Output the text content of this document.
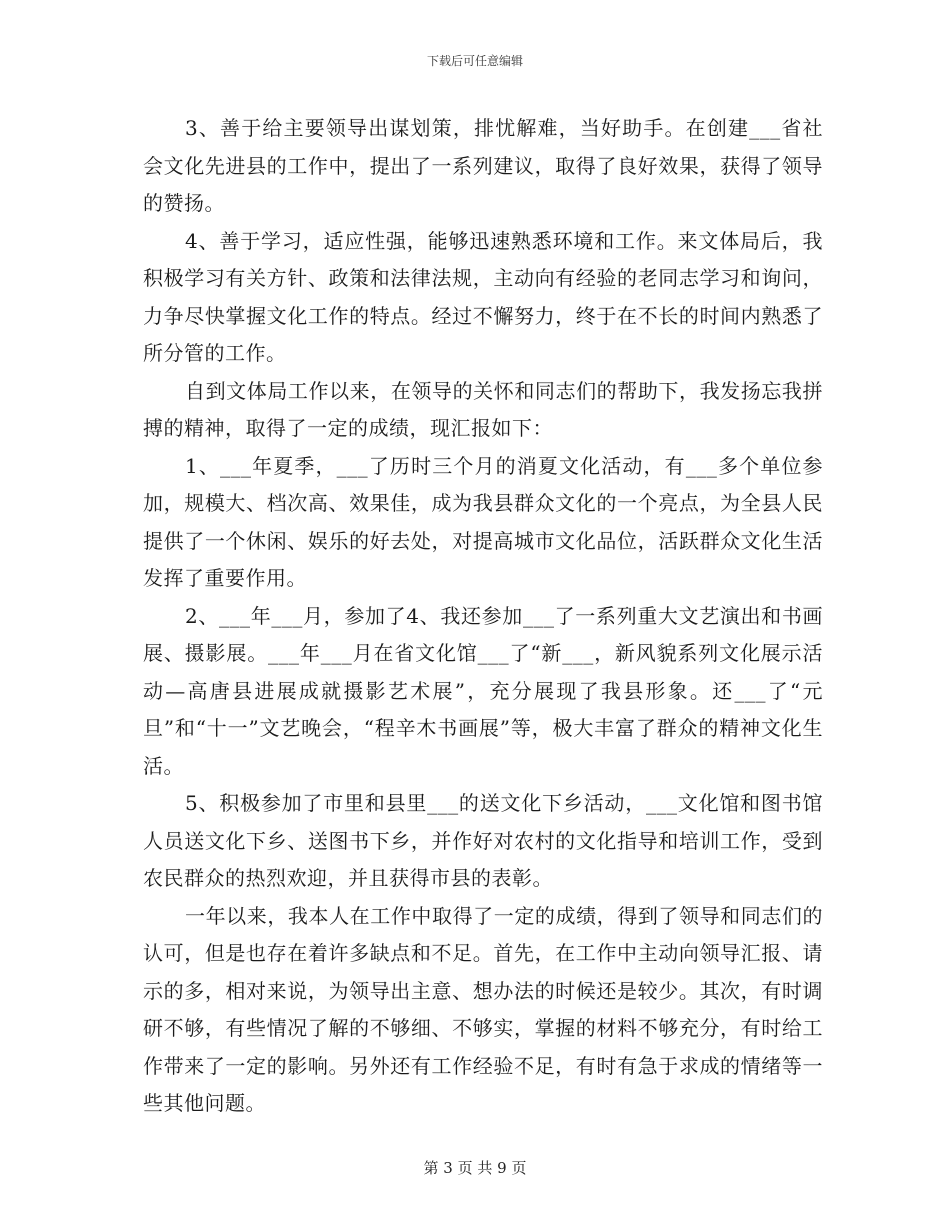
下载后可任意编辑

3、善于给主要领导出谋划策，排忧解难，当好助手。在创建___省社会文化先进县的工作中，提出了一系列建议，取得了良好效果，获得了领导的赞扬。

4、善于学习，适应性强，能够迅速熟悉环境和工作。来文体局后，我积极学习有关方针、政策和法律法规，主动向有经验的老同志学习和询问，力争尽快掌握文化工作的特点。经过不懈努力，终于在不长的时间内熟悉了所分管的工作。

自到文体局工作以来，在领导的关怀和同志们的帮助下，我发扬忘我拼搏的精神，取得了一定的成绩，现汇报如下：

1、___年夏季，___了历时三个月的消夏文化活动，有___多个单位参加，规模大、档次高、效果佳，成为我县群众文化的一个亮点，为全县人民提供了一个休闲、娱乐的好去处，对提高城市文化品位，活跃群众文化生活发挥了重要作用。

2、___年___月，参加了4、我还参加___了一系列重大文艺演出和书画展、摄影展。___年___月在省文化馆___了“新___，新风貌系列文化展示活动—高唐县进展成就摄影艺术展”，充分展现了我县形象。还___了“元旦”和“十一”文艺晚会，“程辛木书画展”等，极大丰富了群众的精神文化生活。

5、积极参加了市里和县里___的送文化下乡活动，___文化馆和图书馆人员送文化下乡、送图书下乡，并作好对农村的文化指导和培训工作，受到农民群众的热烈欢迎，并且获得市县的表彰。

一年以来，我本人在工作中取得了一定的成绩，得到了领导和同志们的认可，但是也存在着许多缺点和不足。首先，在工作中主动向领导汇报、请示的多，相对来说，为领导出主意、想办法的时候还是较少。其次，有时调研不够，有些情况了解的不够细、不够实，掌握的材料不够充分，有时给工作带来了一定的影响。另外还有工作经验不足，有时有急于求成的情绪等一些其他问题。

第 3 页 共 9 页
